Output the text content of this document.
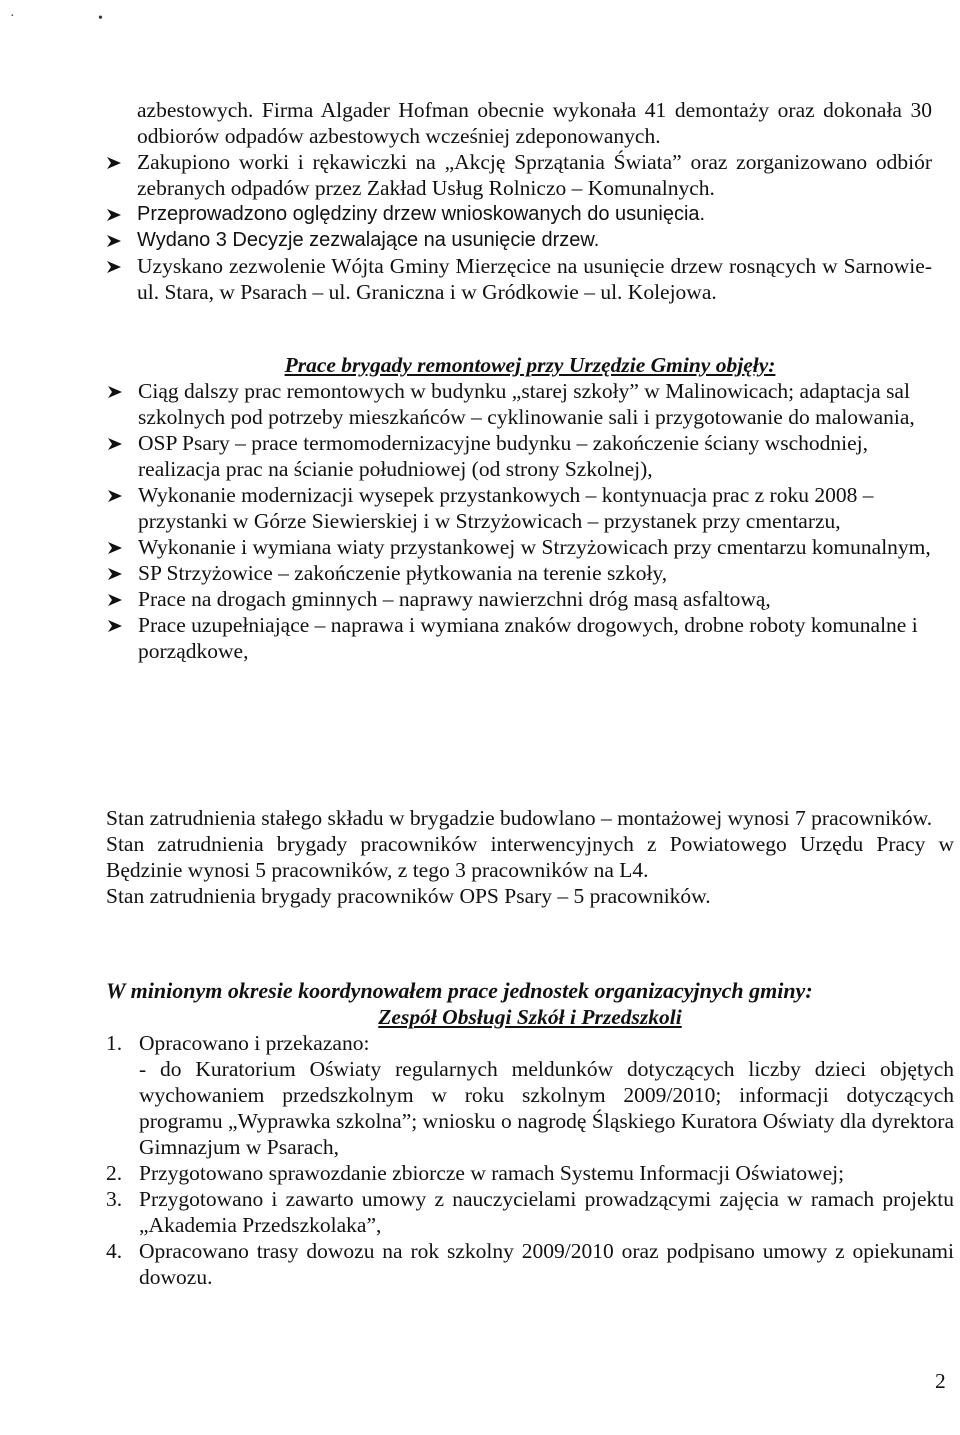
·	•

azbestowych. Firma Algader Hofman obecnie wykonała 41 demontaży oraz dokonała 30 odbiorów odpadów azbestowych wcześniej zdeponowanych.

Zakupiono worki i rękawiczki na „Akcję Sprzątania Świata” oraz zorganizowano odbiór zebranych odpadów przez Zakład Usług Rolniczo – Komunalnych.

Przeprowadzono oględziny drzew wnioskowanych do usunięcia.

Wydano 3 Decyzje zezwalające na usunięcie drzew.

Uzyskano zezwolenie Wójta Gminy Mierzęcice na usunięcie drzew rosnących w Sarnowie- ul. Stara, w Psarach – ul. Graniczna i w Gródkowie – ul. Kolejowa.

Prace brygady remontowej przy Urzędzie Gminy objęły:

Ciąg dalszy prac remontowych w budynku „starej szkoły” w Malinowicach; adaptacja sal szkolnych pod potrzeby mieszkańców – cyklinowanie sali i przygotowanie do malowania,
OSP Psary – prace termomodernizacyjne budynku – zakończenie ściany wschodniej, realizacja prac na ścianie południowej (od strony Szkolnej),
Wykonanie modernizacji wysepek przystankowych – kontynuacja prac z roku 2008 – przystanki w Górze Siewierskiej i w Strzyżowicach – przystanek przy cmentarzu,
Wykonanie i wymiana wiaty przystankowej w Strzyżowicach przy cmentarzu komunalnym,
SP Strzyżowice – zakończenie płytkowania na terenie szkoły,
Prace na drogach gminnych – naprawy nawierzchni dróg masą asfaltową,
Prace uzupełniające – naprawa i wymiana znaków drogowych, drobne roboty komunalne i porządkowe,

Stan zatrudnienia stałego składu w brygadzie budowlano – montażowej wynosi 7 pracowników.

Stan zatrudnienia brygady pracowników interwencyjnych z Powiatowego Urzędu Pracy w Będzinie wynosi 5 pracowników, z tego 3 pracowników na L4.

Stan zatrudnienia brygady pracowników OPS Psary – 5 pracowników.

W minionym okresie koordynowałem prace jednostek organizacyjnych gminy:

Zespół Obsługi Szkół i Przedszkoli

1. Opracowano i przekazano:
- do Kuratorium Oświaty regularnych meldunków dotyczących liczby dzieci objętych wychowaniem przedszkolnym w roku szkolnym 2009/2010; informacji dotyczących programu „Wyprawka szkolna”; wniosku o nagrodę Śląskiego Kuratora Oświaty dla dyrektora Gimnazjum w Psarach,
2. Przygotowano sprawozdanie zbiorcze w ramach Systemu Informacji Oświatowej;
3. Przygotowano i zawarto umowy z nauczycielami prowadzącymi zajęcia w ramach projektu „Akademia Przedszkolaka”,
4. Opracowano trasy dowozu na rok szkolny 2009/2010 oraz podpisano umowy z opiekunami dowozu.
2
